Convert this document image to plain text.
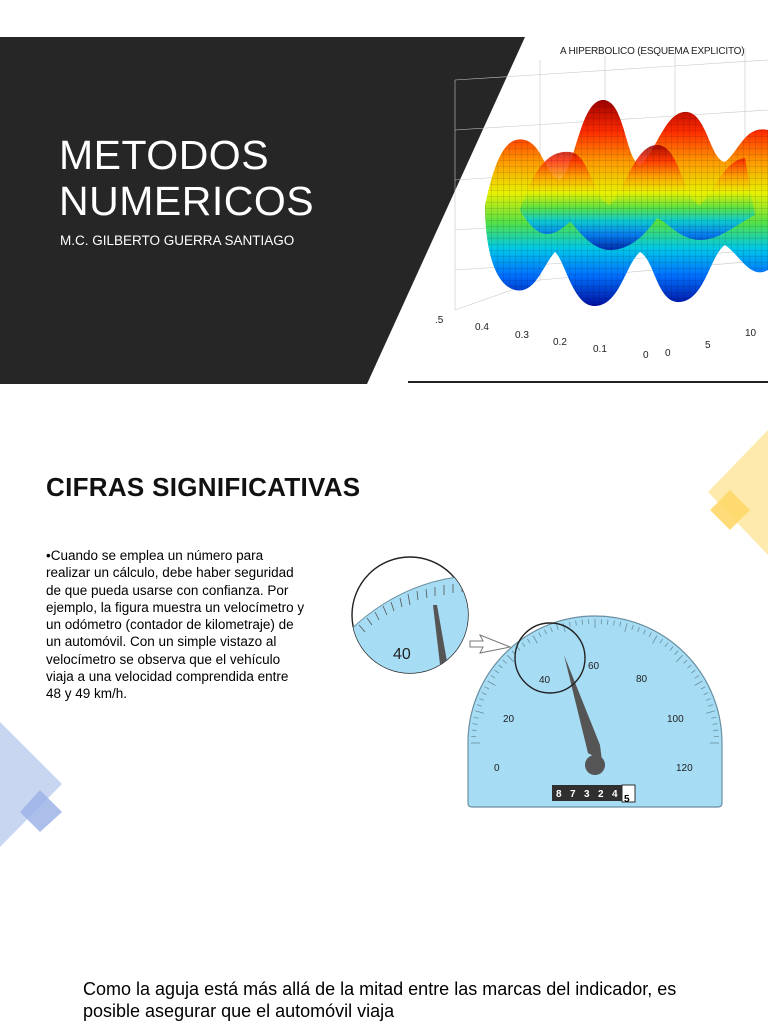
METODOS NUMERICOS
M.C. GILBERTO GUERRA SANTIAGO
A HIPERBOLICO (ESQUEMA EXPLICITO)
.5
0.4
0.3
0.2
0.1
0 0
5
10
CIFRAS SIGNIFICATIVAS
•Cuando se emplea un número para realizar un cálculo, debe haber seguridad de que pueda usarse con confianza. Por ejemplo, la figura muestra un velocímetro y un odómetro (contador de kilometraje) de un automóvil. Con un simple vistazo al velocímetro se observa que el vehículo viaja a una velocidad comprendida entre 48 y 49 km/h.
0
20
40
60
80
100
120
8 7 3 2 4 5
40
Como la aguja está más allá de la mitad entre las marcas del indicador, es posible asegurar que el automóvil viaja
